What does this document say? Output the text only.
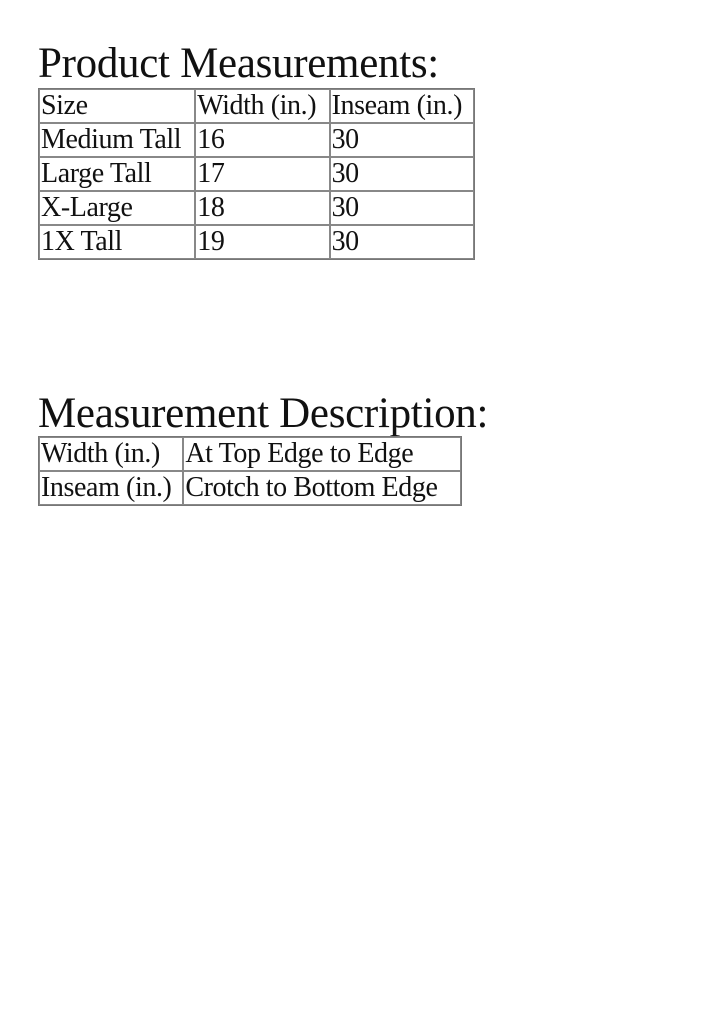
Product Measurements:
Size	Width (in.)	Inseam (in.)
Medium Tall	16	30
Large Tall	17	30
X-Large	18	30
1X Tall	19	30
Measurement Description:
Width (in.)	At Top Edge to Edge
Inseam (in.)	Crotch to Bottom Edge
